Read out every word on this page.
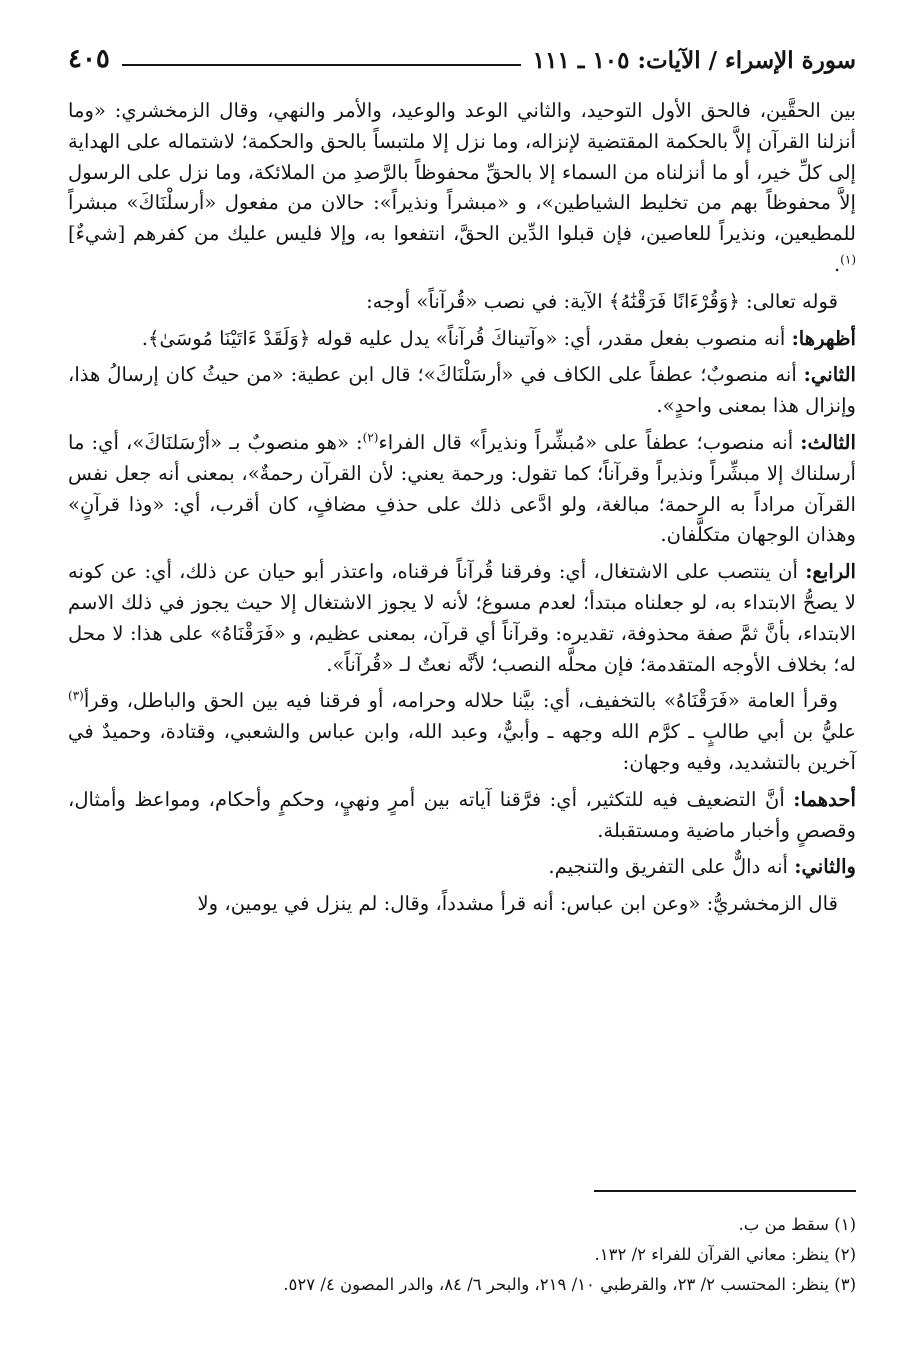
سورة الإسراء / الآيات: ١٠٥ ـ ١١١
٤٠٥

بين الحقَّين، فالحق الأول التوحيد، والثاني الوعد والوعيد، والأمر والنهي، وقال الزمخشري: «وما أنزلنا القرآن إلاَّ بالحكمة المقتضية لإنزاله، وما نزل إلا ملتبساً بالحق والحكمة؛ لاشتماله على الهداية إلى كلِّ خير، أو ما أنزلناه من السماء إلا بالحقِّ محفوظاً بالرَّصدِ من الملائكة، وما نزل على الرسول إلاَّ محفوظاً بهم من تخليط الشياطين»، و «مبشراً ونذيراً»: حالان من مفعول «أرسلْنَاكَ» مبشراً للمطيعين، ونذيراً للعاصين، فإن قبلوا الدِّين الحقَّ، انتفعوا به، وإلا فليس عليك من كفرهم [شيءٌ]$^{(١)}$.

قوله تعالى: ﴿وَقُرْءَانًا فَرَقْنَٰهُ﴾ الآية: في نصب «قُرآناً» أوجه:

أظهرها: أنه منصوب بفعل مقدر، أي: «وآتيناكَ قُرآناً» يدل عليه قوله ﴿وَلَقَدْ ءَاتَيْنَا مُوسَىٰ﴾.

الثاني: أنه منصوبٌ؛ عطفاً على الكاف في «أرسَلْنَاكَ»؛ قال ابن عطية: «من حيثُ كان إرسالُ هذا، وإنزال هذا بمعنى واحدٍ».

الثالث: أنه منصوب؛ عطفاً على «مُبشِّراً ونذيراً» قال الفراء$^{(٢)}$: «هو منصوبٌ بـ «أرْسَلنَاكَ»، أي: ما أرسلناك إلا مبشِّراً ونذيراً وقرآناً؛ كما تقول: ورحمة يعني: لأن القرآن رحمةٌ»، بمعنى أنه جعل نفس القرآن مراداً به الرحمة؛ مبالغة، ولو ادَّعى ذلك على حذفِ مضافٍ، كان أقرب، أي: «وذا قرآنٍ» وهذان الوجهان متكلَّفان.

الرابع: أن ينتصب على الاشتغال، أي: وفرقنا قُرآناً فرقناه، واعتذر أبو حيان عن ذلك، أي: عن كونه لا يصحُّ الابتداء به، لو جعلناه مبتدأ؛ لعدم مسوغ؛ لأنه لا يجوز الاشتغال إلا حيث يجوز في ذلك الاسم الابتداء، بأنَّ ثمَّ صفة محذوفة، تقديره: وقرآناً أي قرآن، بمعنى عظيم، و «فَرَقْنَاهُ» على هذا: لا محل له؛ بخلاف الأوجه المتقدمة؛ فإن محلَّه النصب؛ لأنَّه نعتٌ لـ «قُرآناً».

وقرأ العامة «فَرَقْنَاهُ» بالتخفيف، أي: بيَّنا حلاله وحرامه، أو فرقنا فيه بين الحق والباطل، وقرأ$^{(٣)}$ عليُّ بن أبي طالبٍ ـ كرَّم الله وجهه ـ وأبيٌّ، وعبد الله، وابن عباس والشعبي، وقتادة، وحميدٌ في آخرين بالتشديد، وفيه وجهان:

أحدهما: أنَّ التضعيف فيه للتكثير، أي: فرَّقنا آياته بين أمرٍ ونهيٍ، وحكمٍ وأحكام، ومواعظ وأمثال، وقصصٍ وأخبار ماضية ومستقبلة.

والثاني: أنه دالٌّ على التفريق والتنجيم.

قال الزمخشريُّ: «وعن ابن عباس: أنه قرأ مشدداً، وقال: لم ينزل في يومين، ولا

(١) سقط من ب.
(٢) ينظر: معاني القرآن للفراء ٢/ ١٣٢.
(٣) ينظر: المحتسب ٢/ ٢٣، والقرطبي ١٠/ ٢١٩، والبحر ٦/ ٨٤، والدر المصون ٤/ ٥٢٧.
